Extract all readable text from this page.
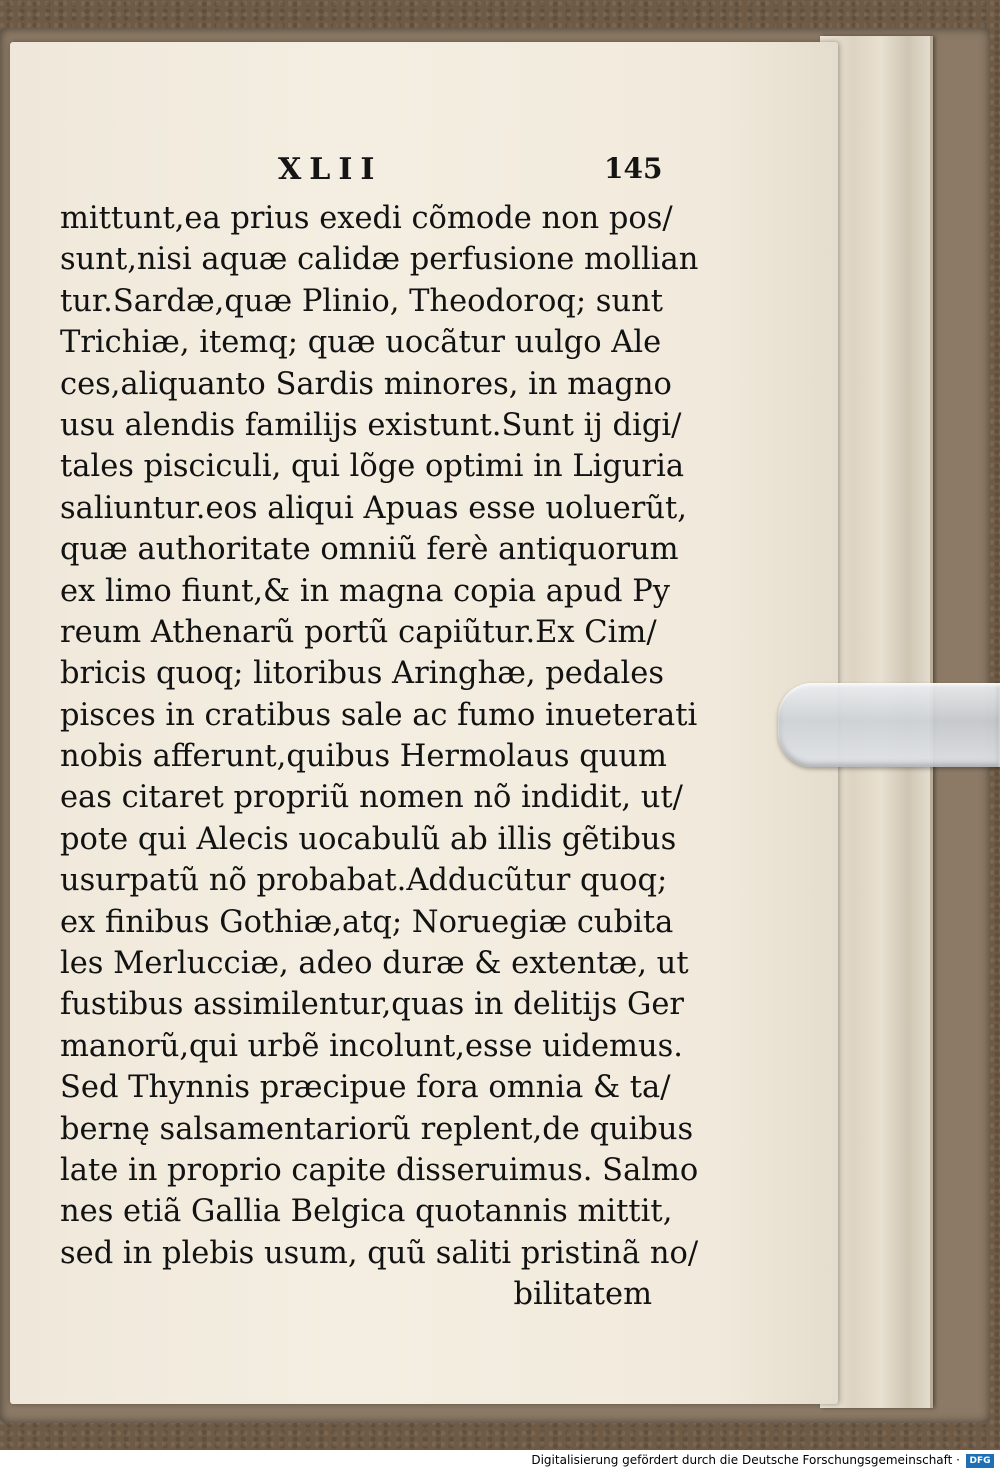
XLII	145
mittunt,ea prius exedi cõmode non pos/
sunt,nisi aquæ calidæ perfusione mollian
tur.Sardæ,quæ Plinio, Theodoroq; sunt
Trichiæ, itemq; quæ uocãtur uulgo Ale
ces,aliquanto Sardis minores, in magno
usu alendis familijs existunt.Sunt ij digi/
tales pisciculi, qui lõge optimi in Liguria
saliuntur.eos aliqui Apuas esse uoluerũt,
quæ authoritate omniũ ferè antiquorum
ex limo fiunt,& in magna copia apud Py
reum Athenarũ portũ capiũtur.Ex Cim/
bricis quoq; litoribus Aringhæ, pedales
pisces in cratibus sale ac fumo inueterati
nobis afferunt,quibus Hermolaus quum
eas citaret propriũ nomen nõ indidit, ut/
pote qui Alecis uocabulũ ab illis gẽtibus
usurpatũ nõ probabat.Adducũtur quoq;
ex finibus Gothiæ,atq; Noruegiæ cubita
les Merlucciæ, adeo duræ & extentæ, ut
fustibus assimilentur,quas in delitijs Ger
manorũ,qui urbẽ incolunt,esse uidemus.
Sed Thynnis præcipue fora omnia & ta/
bernę salsamentariorũ replent,de quibus
late in proprio capite disseruimus. Salmo
nes etiã Gallia Belgica quotannis mittit,
sed in plebis usum, quũ saliti pristinã no/
bilitatem
Digitalisierung gefördert durch die Deutsche Forschungsgemeinschaft ·	DFG
